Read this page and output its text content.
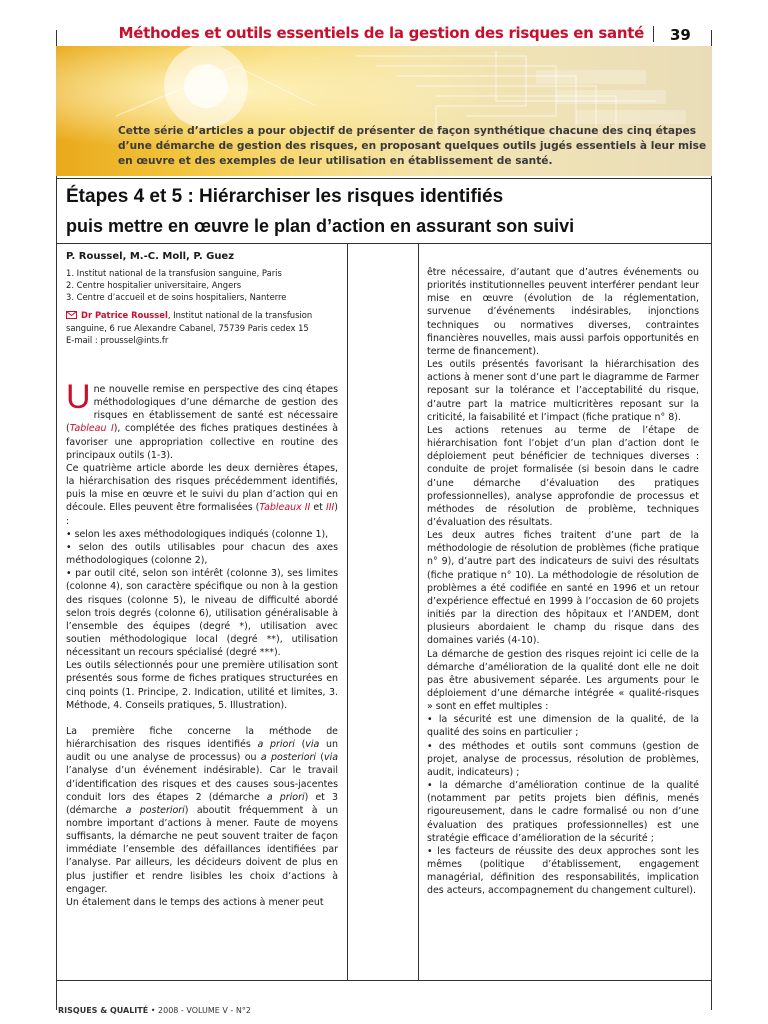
Méthodes et outils essentiels de la gestion des risques en santé 39
Cette série d’articles a pour objectif de présenter de façon synthétique chacune des cinq étapes d’une démarche de gestion des risques, en proposant quelques outils jugés essentiels à leur mise en œuvre et des exemples de leur utilisation en établissement de santé.
Étapes 4 et 5 : Hiérarchiser les risques identifiés
puis mettre en œuvre le plan d’action en assurant son suivi
P. Roussel, M.-C. Moll, P. Guez
1. Institut national de la transfusion sanguine, Paris
2. Centre hospitalier universitaire, Angers
3. Centre d’accueil et de soins hospitaliers, Nanterre
Dr Patrice Roussel, Institut national de la transfusion sanguine, 6 rue Alexandre Cabanel, 75739 Paris cedex 15
E-mail : proussel@ints.fr

Une nouvelle remise en perspective des cinq étapes méthodologiques d’une démarche de gestion des risques en établissement de santé est nécessaire (Tableau I), complétée des fiches pratiques destinées à favoriser une appropriation collective en routine des principaux outils (1-3).

Ce quatrième article aborde les deux dernières étapes, la hiérarchisation des risques précédemment identifiés, puis la mise en œuvre et le suivi du plan d’action qui en découle. Elles peuvent être formalisées (Tableaux II et III) :

• selon les axes méthodologiques indiqués (colonne 1),

• selon des outils utilisables pour chacun des axes méthodologiques (colonne 2),

• par outil cité, selon son intérêt (colonne 3), ses limites (colonne 4), son caractère spécifique ou non à la gestion des risques (colonne 5), le niveau de difficulté abordé selon trois degrés (colonne 6), utilisation généralisable à l’ensemble des équipes (degré *), utilisation avec soutien méthodologique local (degré **), utilisation nécessitant un recours spécialisé (degré ***).

Les outils sélectionnés pour une première utilisation sont présentés sous forme de fiches pratiques structurées en cinq points (1. Principe, 2. Indication, utilité et limites, 3. Méthode, 4. Conseils pratiques, 5. Illustration).

La première fiche concerne la méthode de hiérarchisation des risques identifiés a priori (via un audit ou une analyse de processus) ou a posteriori (via l’analyse d’un événement indésirable). Car le travail d’identification des risques et des causes sous-jacentes conduit lors des étapes 2 (démarche a priori) et 3 (démarche a posteriori) aboutit fréquemment à un nombre important d’actions à mener. Faute de moyens suffisants, la démarche ne peut souvent traiter de façon immédiate l’ensemble des défaillances identifiées par l’analyse. Par ailleurs, les décideurs doivent de plus en plus justifier et rendre lisibles les choix d’actions à engager.

Un étalement dans le temps des actions à mener peut

être nécessaire, d’autant que d’autres événements ou priorités institutionnelles peuvent interférer pendant leur mise en œuvre (évolution de la réglementation, survenue d’événements indésirables, injonctions techniques ou normatives diverses, contraintes financières nouvelles, mais aussi parfois opportunités en terme de financement).

Les outils présentés favorisant la hiérarchisation des actions à mener sont d’une part le diagramme de Farmer reposant sur la tolérance et l’acceptabilité du risque, d’autre part la matrice multicritères reposant sur la criticité, la faisabilité et l’impact (fiche pratique n° 8).

Les actions retenues au terme de l’étape de hiérarchisation font l’objet d’un plan d’action dont le déploiement peut bénéficier de techniques diverses : conduite de projet formalisée (si besoin dans le cadre d’une démarche d’évaluation des pratiques professionnelles), analyse approfondie de processus et méthodes de résolution de problème, techniques d’évaluation des résultats.

Les deux autres fiches traitent d’une part de la méthodologie de résolution de problèmes (fiche pratique n° 9), d’autre part des indicateurs de suivi des résultats (fiche pratique n° 10). La méthodologie de résolution de problèmes a été codifiée en santé en 1996 et un retour d’expérience effectué en 1999 à l’occasion de 60 projets initiés par la direction des hôpitaux et l’ANDEM, dont plusieurs abordaient le champ du risque dans des domaines variés (4-10).

La démarche de gestion des risques rejoint ici celle de la démarche d’amélioration de la qualité dont elle ne doit pas être abusivement séparée. Les arguments pour le déploiement d’une démarche intégrée « qualité-risques » sont en effet multiples :

• la sécurité est une dimension de la qualité, de la qualité des soins en particulier ;

• des méthodes et outils sont communs (gestion de projet, analyse de processus, résolution de problèmes, audit, indicateurs) ;

• la démarche d’amélioration continue de la qualité (notamment par petits projets bien définis, menés rigoureusement, dans le cadre formalisé ou non d’une évaluation des pratiques professionnelles) est une stratégie efficace d’amélioration de la sécurité ;

• les facteurs de réussite des deux approches sont les mêmes (politique d’établissement, engagement managérial, définition des responsabilités, implication des acteurs, accompagnement du changement culturel).

RISQUES & QUALITÉ • 2008 - VOLUME V - N°2
